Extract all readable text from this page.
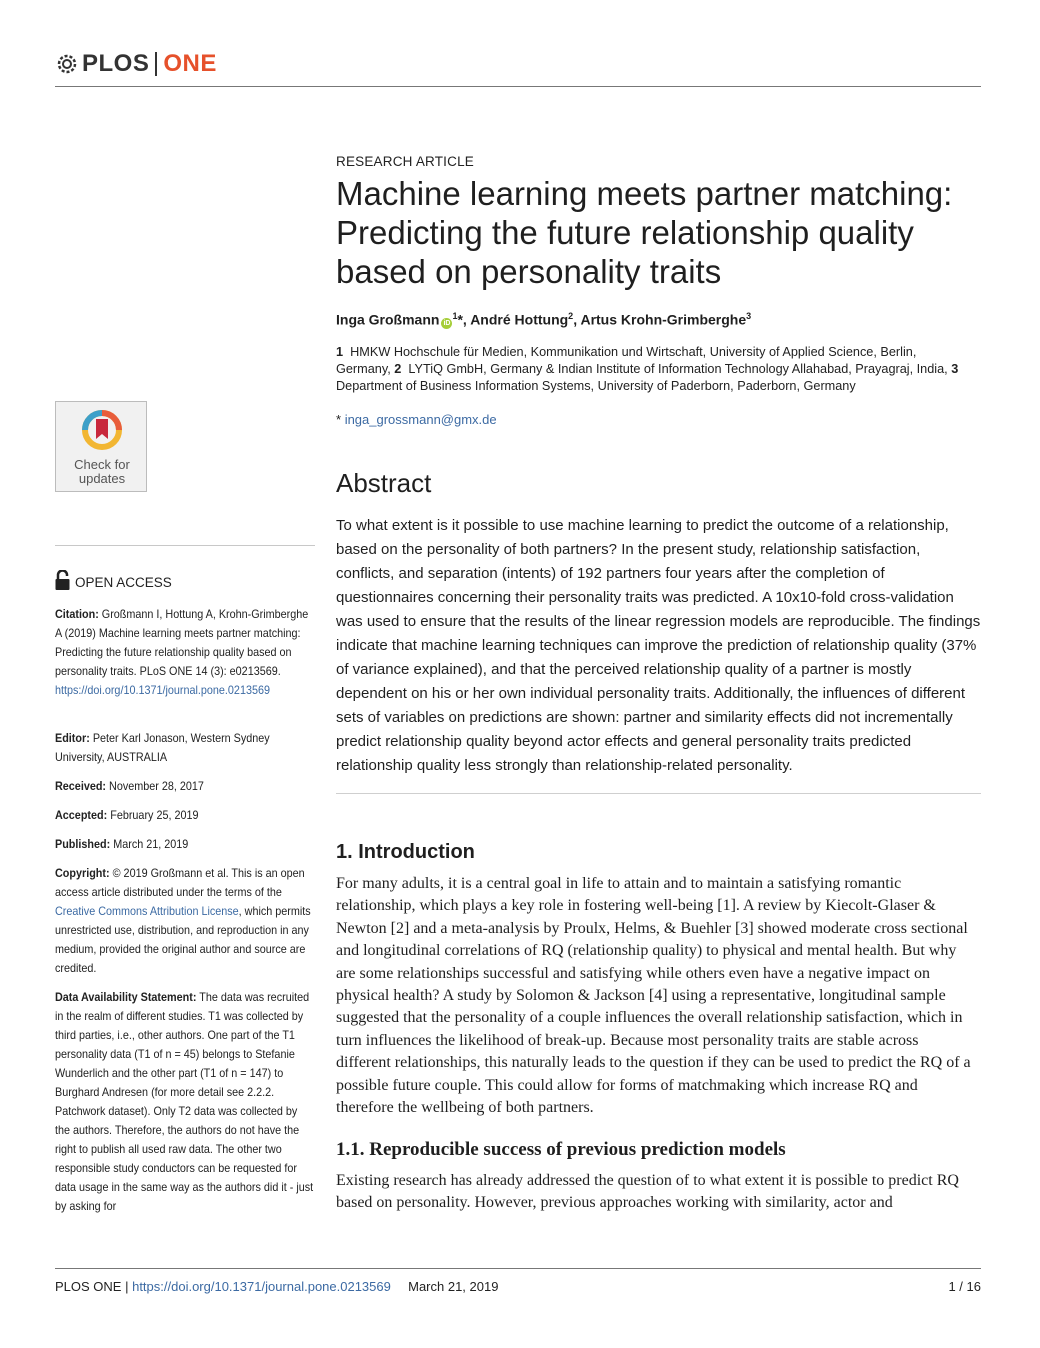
PLOS ONE
RESEARCH ARTICLE
Machine learning meets partner matching: Predicting the future relationship quality based on personality traits
Inga Großmann $iD^1*$, André Hottung$^2$, Artus Krohn-Grimberghe$^3$
1 HMKW Hochschule für Medien, Kommunikation und Wirtschaft, University of Applied Science, Berlin, Germany, 2 LYTiQ GmbH, Germany & Indian Institute of Information Technology Allahabad, Prayagraj, India, 3  Department of Business Information Systems, University of Paderborn, Paderborn, Germany
* inga_grossmann@gmx.de
Abstract
To what extent is it possible to use machine learning to predict the outcome of a relationship, based on the personality of both partners? In the present study, relationship satisfaction, conflicts, and separation (intents) of 192 partners four years after the completion of questionnaires concerning their personality traits was predicted. A 10x10-fold cross-validation was used to ensure that the results of the linear regression models are reproducible. The findings indicate that machine learning techniques can improve the prediction of relationship quality (37% of variance explained), and that the perceived relationship quality of a partner is mostly dependent on his or her own individual personality traits. Additionally, the influences of different sets of variables on predictions are shown: partner and similarity effects did not incrementally predict relationship quality beyond actor effects and general personality traits predicted relationship quality less strongly than relationship-related personality.
1. Introduction
For many adults, it is a central goal in life to attain and to maintain a satisfying romantic relationship, which plays a key role in fostering well-being [1]. A review by Kiecolt-Glaser & Newton [2] and a meta-analysis by Proulx, Helms, & Buehler [3] showed moderate cross sectional and longitudinal correlations of RQ (relationship quality) to physical and mental health. But why are some relationships successful and satisfying while others even have a negative impact on physical health? A study by Solomon & Jackson [4] using a representative, longitudinal sample suggested that the personality of a couple influences the overall relationship satisfaction, which in turn influences the likelihood of break-up. Because most personality traits are stable across different relationships, this naturally leads to the question if they can be used to predict the RQ of a possible future couple. This could allow for forms of matchmaking which increase RQ and therefore the wellbeing of both partners.
1.1. Reproducible success of previous prediction models
Existing research has already addressed the question of to what extent it is possible to predict RQ based on personality. However, previous approaches working with similarity, actor and
Check for updates
OPEN ACCESS
Citation: Großmann I, Hottung A, Krohn-Grimberghe A (2019) Machine learning meets partner matching: Predicting the future relationship quality based on personality traits. PLoS ONE 14 (3): e0213569. https://doi.org/10.1371/journal.pone.0213569
Editor: Peter Karl Jonason, Western Sydney University, AUSTRALIA
Received: November 28, 2017
Accepted: February 25, 2019
Published: March 21, 2019
Copyright: © 2019 Großmann et al. This is an open access article distributed under the terms of the Creative Commons Attribution License, which permits unrestricted use, distribution, and reproduction in any medium, provided the original author and source are credited.
Data Availability Statement: The data was recruited in the realm of different studies. T1 was collected by third parties, i.e., other authors. One part of the T1 personality data (T1 of n = 45) belongs to Stefanie Wunderlich and the other part (T1 of n = 147) to Burghard Andresen (for more detail see 2.2.2. Patchwork dataset). Only T2 data was collected by the authors. Therefore, the authors do not have the right to publish all used raw data. The other two responsible study conductors can be requested for data usage in the same way as the authors did it - just by asking for
PLOS ONE | https://doi.org/10.1371/journal.pone.0213569 March 21, 2019	1 / 16
